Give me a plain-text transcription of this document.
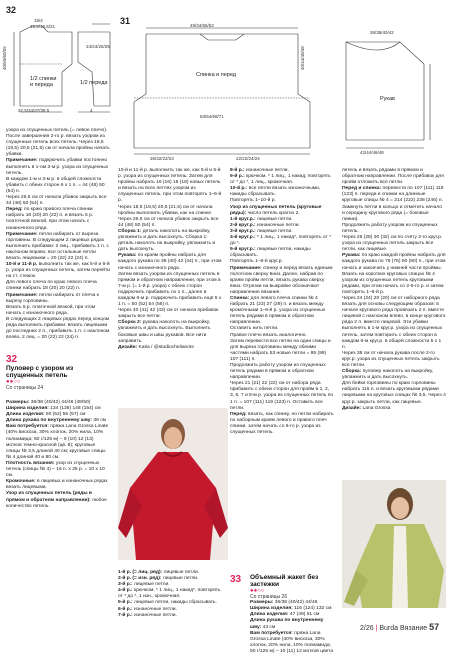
32
15/4
18,5/19,5/21
24/24/25/25
40/50/60/55
1/2 спинки
и переда	1/2 переда
32,5/34/37/38,5	4
31	49/34/56/63
40/44/40/48
Спинка и перед
63/54/68/71
26/32/22/23	22/22/24/24
36/38/40/42
Рукав
42/44/46/48

узора из спущенных петель (= левое плечо). После завершения 2-го р. вязать узором из спущенных петель всех петель. Через 18,5 (19,5) 20,5 (21,5) см от начала пройны начать убавки.

Примечание: подкрючить убавки постоянно выполнять в 1-ом 3-м р. узора из спущенных петель.

В каждом 1-м и 3-м р. в общей сложности убавить с обеих сторон 6 x 1 п. = 44 (48) 50 (54) п.

Через 26,5 см от начала убавок закрыть все 44 (48) 50 (54) п.

Перед: по краю правого плеча спинки набрать 18 (20) 20 (22) п. и вязать 5 р. платочной вязкой, при этом начать с изнаночного ряда.

Примечание: петли набирать от выреза горловины. В следующем 2 лицевых рядах выполнить прибавки: 2 лиц., прибавить 1 п. с наклоном вправо, все остальные петли вязать лицевыми = 20 (22) 22 (24) п.

10-й и 11-й р. выполнить так же, как 5-й и 6-й р. узора из спущенных петель, затем перейти на ст. стежок.

Для левого плеча по краю левого плеча спинки набрать 18 (20) 20 (22) п.

Примечание: петли набирать от плеча к вырезу горловины.

Вязать 5 р. платочной вязкой, при этом начать с изнаночного ряда.

В следующих 2 лицевых рядах перед концом ряда выполнить прибавки: вязать лицевыми до последних 2 п., прибавить 1 п. с наклоном влево, 2 лиц. = 20 (22) 22 (24) п.

10-й и 11-й р. выполнить так же, как 5-й и 6-й р. узора из спущенных петель. Затем для пройны набрать 16 (16) 18 (18) новых петель и вязать на всех петлях узором из спущенных петель, при этом повторять 1–6-й р.

Через 18,5 (19,5) 20,5 (21,5) см от начала пройны выполнить убавки, как на спинке. Через 26,5 см от начала убавок закрыть все 44 (48) 50 (54) п.

Сборка 1: деталь наколоть на выкройку, увлажнить и дать высохнуть. Сборка 1: деталь наколоть на выкройку, увлажнить и дать высохнуть.

Рукава: по краям пройны набрать для каждого рукава по 38 (40) 42 (44) п., при этом начать с изнаночного ряда.

Затем вязать узором из спущенных петель в прямом и обратном направлении, при этом в 7-м р. (= 1-й р. узора) с обеих сторон подкрючить прибавить по 1 п., далее в каждом 6-м р. подкрючить прибавить ещё 5 x 1 п. = 50 (52) 54 (56) п.

Через 40 (41) 42 (43) см от начала прибавок закрыть все петли.

Сборка 2: рукава наколоть на выкройку, увлажнить и дать высохнуть. Выполнить боковые швы и швы рукавов. Все нити заправить.

Дизайн: Katia / @studiochelianots

8-й р.: изнаночные петли.

9-й р.: крючком. * 1 лиц., 1 накид; повторять от * до *, 1 лиц., кромочная.

10-й р.: все петли вязать изнаночными, накиды сбрасывать.

Повторять 1–10-й р.

Узор из спущенных петель (круговые ряды): число петель кратно 2.

1-й круг.р.: лицевые петли.

2-й круг.р.: изнаночные петли.

3-й круг.р.: лицевые петли.

4-й круг.р.: * 1 лиц., 1 накид*, повторять от * до *.

5-й круг.р.: лицевые петли, накиды сбрасывать.

Повторять 1–6-й круг.р.

Примечание: спинку и перед вязать единым полотном сверху вниз. Далее, набрав по краям пройм петли, вязать рукава сверху вниз. Отрезки на выкройке обозначают направление вязания.

Спинка: для левого плеча спинки № 4 набрать 21 (23) 27 (29) п. и вязать между кромочными 1–6-й р. узора из спущенных петель рядами в прямом и обратном направлении.

Оставить нить петли.

Правое плечо вязать аналогично.

Затем перевести все петли на одни спицы и для выреза горловины между обеими частями набрать 53 новые петли = 95 (99) 107 (111) п.

Продолжить работу узором из спущенных петель рядами в прямом и обратном направлении.

Через 21 (21) 22 (22) см от набора ряда прибавить с обеих сторон для пройм в 1, 2, 3, 6, 7 и 8-м р. узора из спущенных петель по 1 п. = 107 (111) 119 (123) п. Оставить все петли.

Перед: вязать, как спинку, но петли набирать по наборным краям левого и правого плеч спинки, затем начать со 6-го р. узора из спущенных петель.

петель и вязать рядами в прямом и обратном направлении. После прибавок для пройм отложить все петли.

Перед и спинка: перевести по 107 (111) 119 (123) п. переда и спинки на длинные круговые спицы № 4 = 214 (222) 238 (246) п.

Замкнуть петли в кольцо и отметить начало и середину кругового ряда (= боковые линии).

Продолжить работу узором из спущенных петель.

Через 26 (28) 30 (32) см по счёту 2-го круг.р. узора из спущенных петель закрыть все петли, как лицевые.

Рукава: по краю каждой пройны набрать для каждого рукава по 76 (76) 80 (80) п., при этом начать и закончить у нижней части проймы.

Вязать на коротких круговых спицах № 4 узором из спущенных петель круговыми рядами, при этом начать со 2-5-го р. и затем повторять 1–6-й р.

Через 24 (24) 20 (20) см от наборного ряда вязать для основы следующим образом: в начале кругового ряда провязать 2 п. вместе лицевой с наклоном влево, в конце кругового ряда 2 п. вместе лицевой. Эти убавки выполнять в 1-м круг.р. узора из спущенных петель, затем повторить с обеих сторон в каждом 6-м круг.р. в общей сложности 5 x 1 п.

Через 38 см от начала рукава после 2-го круг.р. узора из спущенных петель закрыть все петли.

Сборка: пуловер наколоть на выкройку, увлажнить и дать высохнуть.

Для бейки горловины по краю горловины набрать 116 п. и вязать круговыми рядами лицевыми на круговых спицах № 3,5. Через 4 круг.р. закрыть петли, как лицевые.

Дизайн: Lana Grossa

32
Пуловер с узором из спущенных петель
●●○○
Со страницы 24

Размеры: 36/38 (40/42) 44/46 (48/50)

Ширина изделия: 134 (138) 148 (154) см

Длина изделия: 50 (52) 55 (57) см

Длина рукава по внутреннему шву: 38 см

Вам потребуется: пряжа Lana Grossa Linate (40% вискоза, 30% хлопок, 20% нила, 10% полиамида; 50 г/125 м) – 9 (10) 12 (13) мотков темно-красной (цв. 8); круговые спицы № 3,5 длиной 40 см; круговые спицы № 4 длиной 40 и 80 см.

Плотность вязания: узор из спущенных петель (спицы № 4) – 16 п. x 25 р. = 10 x 10 см.

Кромочные: в лицевых и изнаночных рядах вязать лицевыми.

Узор из спущенных петель (ряды в прямом и обратном направлении): любое количество петель.

1-й р. (= лиц. ряд): лицевые петли.

2-й р. (= изн. ряд): лицевые петли.

3-й р.: лицевые петли.

4-й р.: крючком. * 1 лиц., 1 накид*, повторять от * до *, 1 изн., кромочная.

5-й р.: лицевые петли, накиды сбрасывать.

6-й р.: изнаночные петли.

7-й р.: изнаночные петли.

33	Объемный жакет без застежки
●●○○
Со страницы 26

Размеры: 36/38 (40/42) 44/46

Ширина изделия: 116 (124) 132 см

Длина изделия: 47 (49) 51 см

Длина рукава по внутреннему шву: 43 см

Вам потребуется: пряжа Lana Grossa Linate (40% вискоза, 30% хлопок, 20% нила, 10% полиамида; 50 г/125 м) – 10 (11) 12 мотков цвета

2/26 | Burda Вязание 57
